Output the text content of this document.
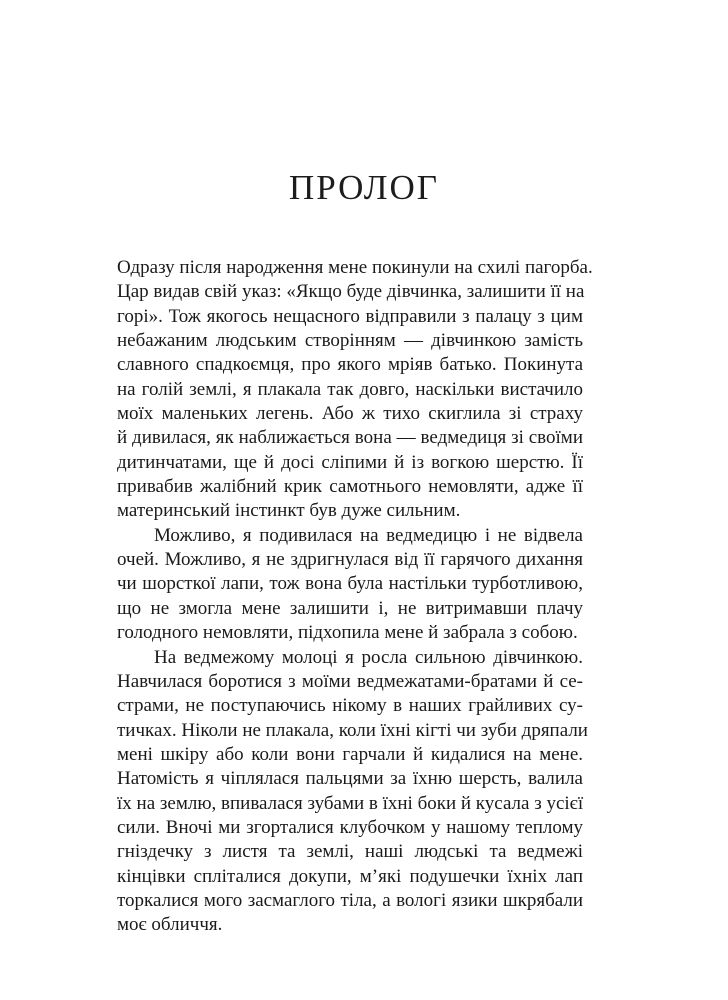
ПРОЛОГ
Одразу після народження мене покинули на схилі пагорба.
Цар видав свій указ: «Якщо буде дівчинка, залишити її на
горі». Тож якогось нещасного відправили з палацу з цим
небажаним людським створінням — дівчинкою замість
славного спадкоємця, про якого мріяв батько. Покинута
на голій землі, я плакала так довго, наскільки вистачило
моїх маленьких легень. Або ж тихо скиглила зі страху
й дивилася, як наближається вона — ведмедиця зі своїми
дитинчатами, ще й досі сліпими й із вогкою шерстю. Її
привабив жалібний крик самотнього немовляти, адже її
материнський інстинкт був дуже сильним.
Можливо, я подивилася на ведмедицю і не відвела
очей. Можливо, я не здригнулася від її гарячого дихання
чи шорсткої лапи, тож вона була настільки турботливою,
що не змогла мене залишити і, не витримавши плачу
голодного немовляти, підхопила мене й забрала з собою.
На ведмежому молоці я росла сильною дівчинкою.
Навчилася боротися з моїми ведмежатами-братами й се-
страми, не поступаючись нікому в наших грайливих су-
тичках. Ніколи не плакала, коли їхні кігті чи зуби дряпали
мені шкіру або коли вони гарчали й кидалися на мене.
Натомість я чіплялася пальцями за їхню шерсть, валила
їх на землю, впивалася зубами в їхні боки й кусала з усієї
сили. Вночі ми згорталися клубочком у нашому теплому
гніздечку з листя та землі, наші людські та ведмежі
кінцівки спліталися докупи, м’які подушечки їхніх лап
торкалися мого засмаглого тіла, а вологі язики шкрябали
моє обличчя.
